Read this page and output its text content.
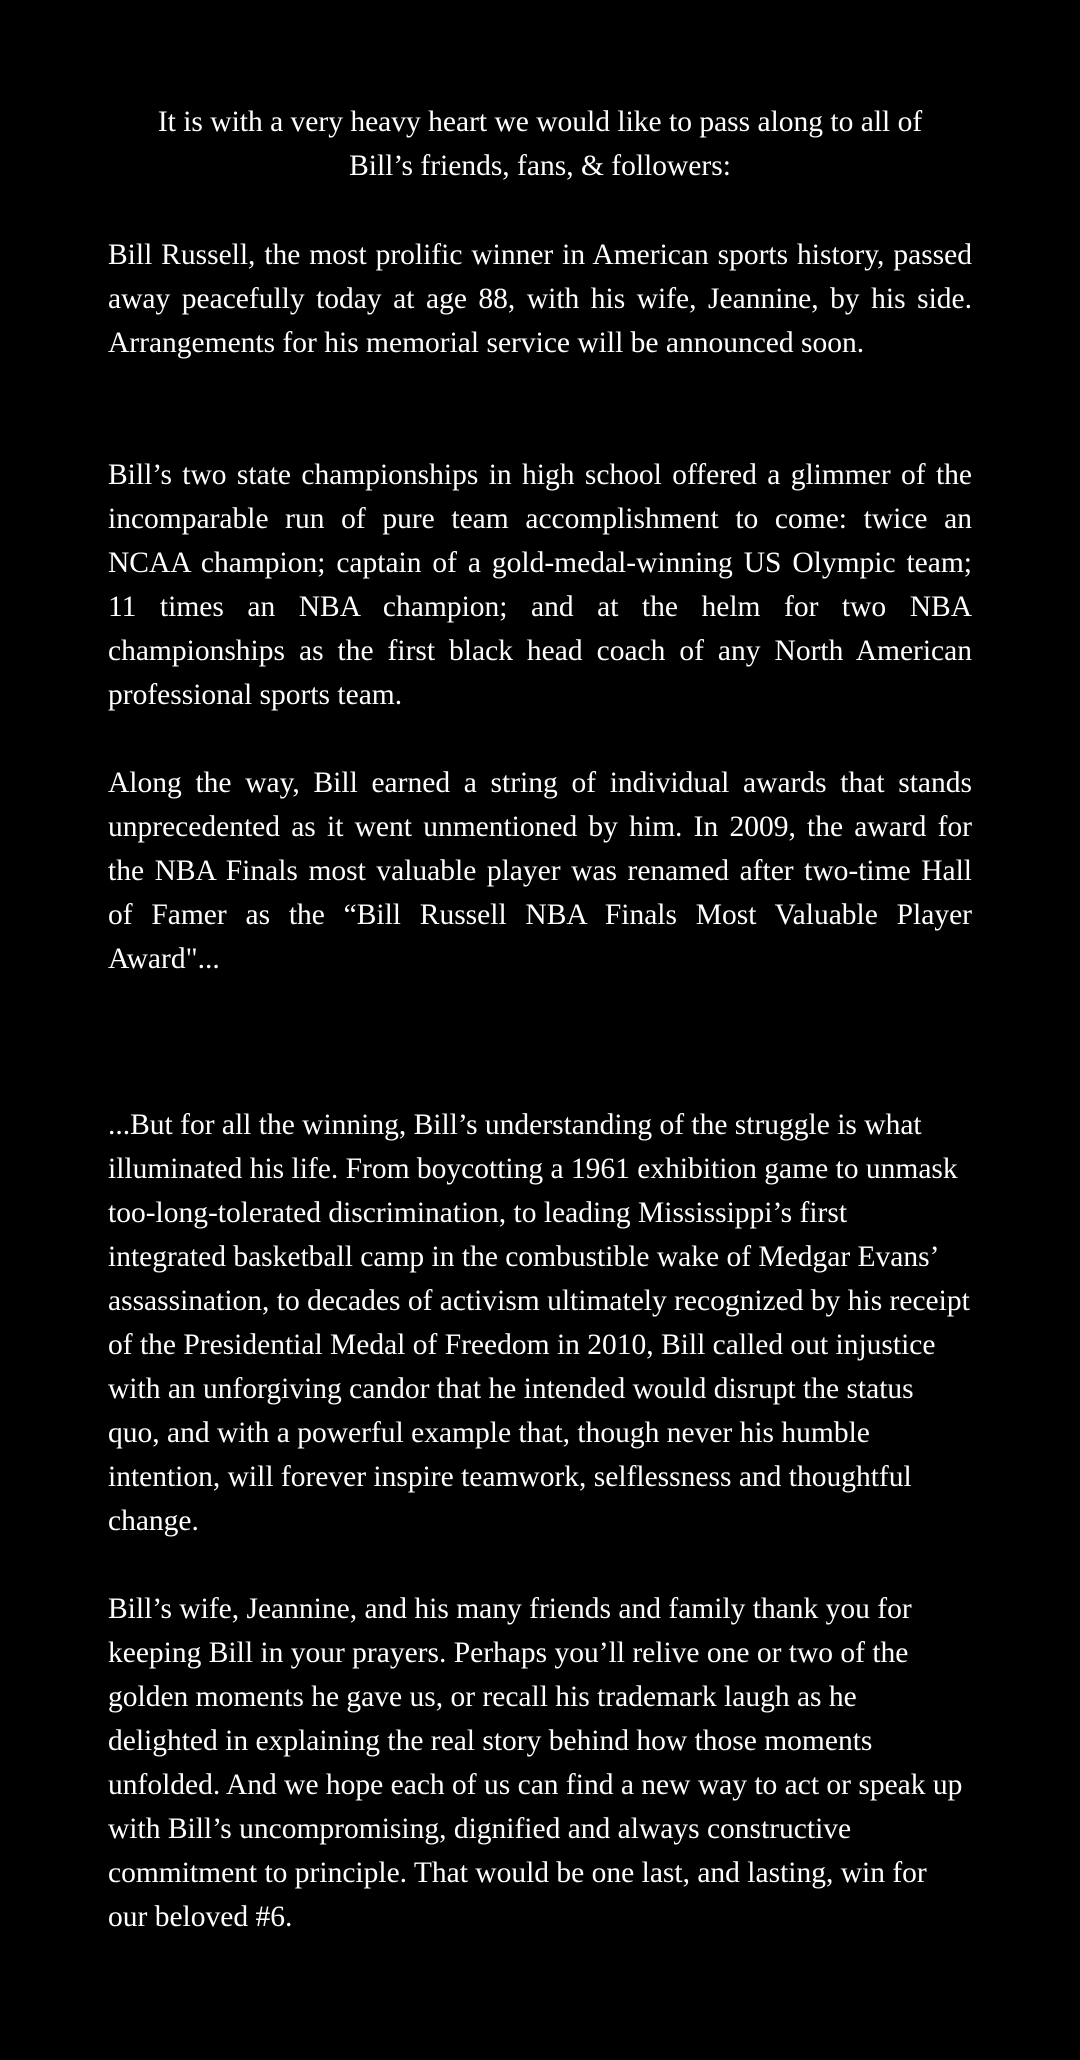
It is with a very heavy heart we would like to pass along to all of
Bill’s friends, fans, & followers:

Bill Russell, the most prolific winner in American sports history, passed away peacefully today at age 88, with his wife, Jeannine, by his side. Arrangements for his memorial service will be announced soon.

Bill’s two state championships in high school offered a glimmer of the incomparable run of pure team accomplishment to come: twice an NCAA champion; captain of a gold-medal-winning US Olympic team; 11 times an NBA champion; and at the helm for two NBA championships as the first black head coach of any North American professional sports team.

Along the way, Bill earned a string of individual awards that stands unprecedented as it went unmentioned by him. In 2009, the award for the NBA Finals most valuable player was renamed after two-time Hall of Famer as the “Bill Russell NBA Finals Most Valuable Player Award"...

...But for all the winning, Bill’s understanding of the struggle is what illuminated his life. From boycotting a 1961 exhibition game to unmask too-long-tolerated discrimination, to leading Mississippi’s first integrated basketball camp in the combustible wake of Medgar Evans’ assassination, to decades of activism ultimately recognized by his receipt of the Presidential Medal of Freedom in 2010, Bill called out injustice with an unforgiving candor that he intended would disrupt the status quo, and with a powerful example that, though never his humble intention, will forever inspire teamwork, selflessness and thoughtful change.

Bill’s wife, Jeannine, and his many friends and family thank you for keeping Bill in your prayers. Perhaps you’ll relive one or two of the golden moments he gave us, or recall his trademark laugh as he delighted in explaining the real story behind how those moments unfolded. And we hope each of us can find a new way to act or speak up with Bill’s uncompromising, dignified and always constructive commitment to principle. That would be one last, and lasting, win for our beloved #6.
